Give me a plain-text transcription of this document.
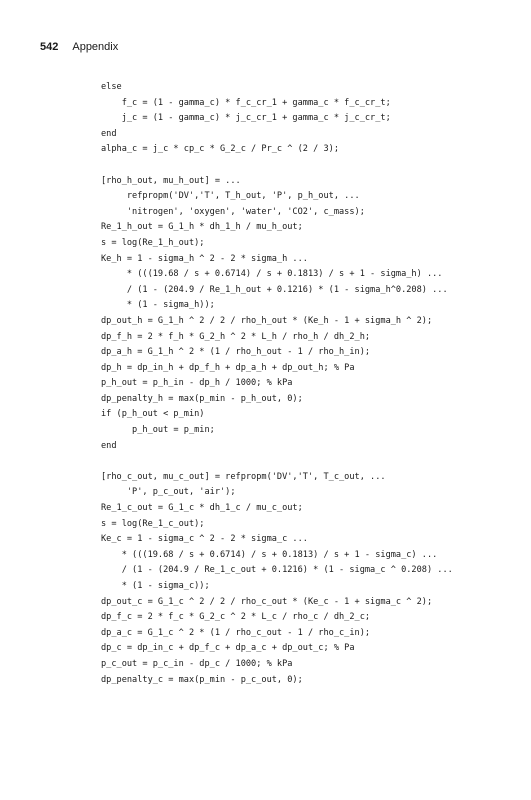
542 Appendix
else
f_c = (1 - gamma_c) * f_c_cr_1 + gamma_c * f_c_cr_t;
j_c = (1 - gamma_c) * j_c_cr_1 + gamma_c * j_c_cr_t;
end
alpha_c = j_c * cp_c * G_2_c / Pr_c ^ (2 / 3);
[rho_h_out, mu_h_out] = ...
refpropm('DV','T', T_h_out, 'P', p_h_out, ...
'nitrogen', 'oxygen', 'water', 'CO2', c_mass);
Re_1_h_out = G_1_h * dh_1_h / mu_h_out;
s = log(Re_1_h_out);
Ke_h = 1 - sigma_h ^ 2 - 2 * sigma_h ...
* (((19.68 / s + 0.6714) / s + 0.1813) / s + 1 - sigma_h) ...
/ (1 - (204.9 / Re_1_h_out + 0.1216) * (1 - sigma_h^0.208) ...
* (1 - sigma_h));
dp_out_h = G_1_h ^ 2 / 2 / rho_h_out * (Ke_h - 1 + sigma_h ^ 2);
dp_f_h = 2 * f_h * G_2_h ^ 2 * L_h / rho_h / dh_2_h;
dp_a_h = G_1_h ^ 2 * (1 / rho_h_out - 1 / rho_h_in);
dp_h = dp_in_h + dp_f_h + dp_a_h + dp_out_h; % Pa
p_h_out = p_h_in - dp_h / 1000; % kPa
dp_penalty_h = max(p_min - p_h_out, 0);
if (p_h_out < p_min)
p_h_out = p_min;
end
[rho_c_out, mu_c_out] = refpropm('DV','T', T_c_out, ...
'P', p_c_out, 'air');
Re_1_c_out = G_1_c * dh_1_c / mu_c_out;
s = log(Re_1_c_out);
Ke_c = 1 - sigma_c ^ 2 - 2 * sigma_c ...
* (((19.68 / s + 0.6714) / s + 0.1813) / s + 1 - sigma_c) ...
/ (1 - (204.9 / Re_1_c_out + 0.1216) * (1 - sigma_c ^ 0.208) ...
* (1 - sigma_c));
dp_out_c = G_1_c ^ 2 / 2 / rho_c_out * (Ke_c - 1 + sigma_c ^ 2);
dp_f_c = 2 * f_c * G_2_c ^ 2 * L_c / rho_c / dh_2_c;
dp_a_c = G_1_c ^ 2 * (1 / rho_c_out - 1 / rho_c_in);
dp_c = dp_in_c + dp_f_c + dp_a_c + dp_out_c; % Pa
p_c_out = p_c_in - dp_c / 1000; % kPa
dp_penalty_c = max(p_min - p_c_out, 0);
